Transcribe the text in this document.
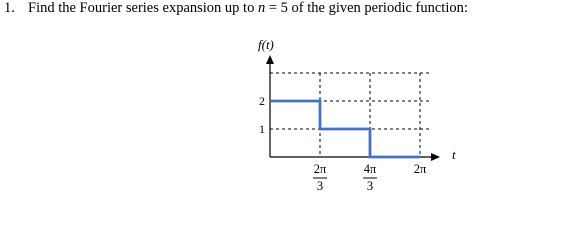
1. Find the Fourier series expansion up to n = 5 of the given periodic function:
f(t)
t
2
1
2π
3
4π
3
2π
